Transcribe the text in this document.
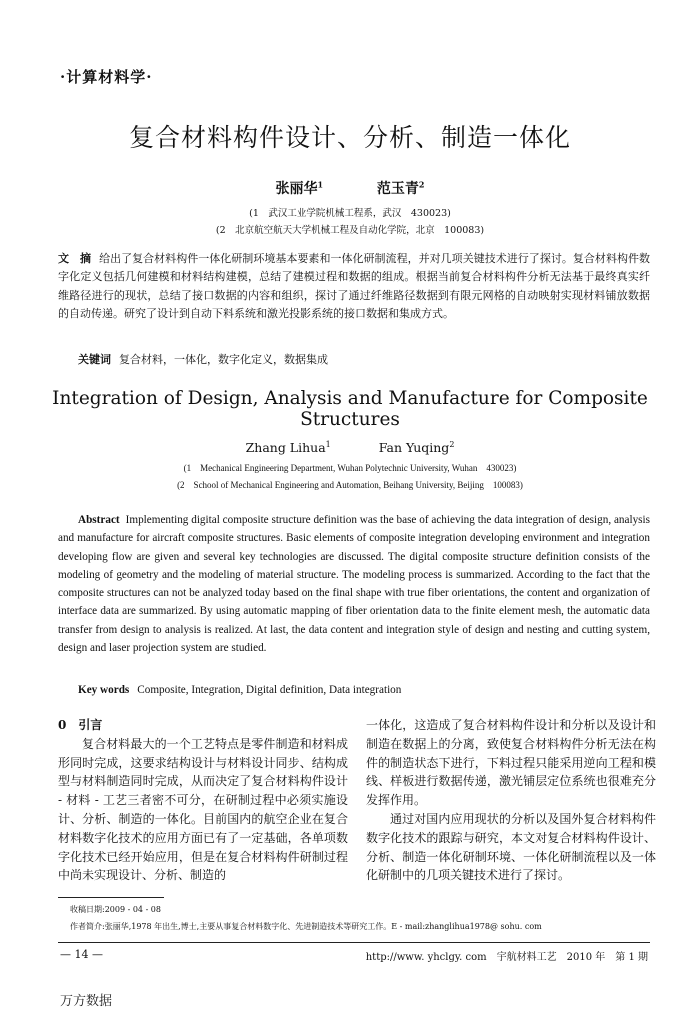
·计算材料学·
复合材料构件设计、分析、制造一体化
张丽华$^1$	范玉青$^2$
(1　武汉工业学院机械工程系，武汉　430023)
(2　北京航空航天大学机械工程及自动化学院，北京　100083)
文　摘 给出了复合材料构件一体化研制环境基本要素和一体化研制流程，并对几项关键技术进行了探讨。复合材料构件数字化定义包括几何建模和材料结构建模，总结了建模过程和数据的组成。根据当前复合材料构件分析无法基于最终真实纤维路径进行的现状，总结了接口数据的内容和组织，探讨了通过纤维路径数据到有限元网格的自动映射实现材料铺放数据的自动传递。研究了设计到自动下料系统和激光投影系统的接口数据和集成方式。
关键词 复合材料，一体化，数字化定义，数据集成
Integration of Design, Analysis and Manufacture for Composite Structures
Zhang Lihua$^1$	Fan Yuqing$^2$
(1　Mechanical Engineering Department, Wuhan Polytechnic University, Wuhan　430023)
(2　School of Mechanical Engineering and Automation, Beihang University, Beijing　100083)
Abstract Implementing digital composite structure definition was the base of achieving the data integration of design, analysis and manufacture for aircraft composite structures. Basic elements of composite integration developing environment and integration developing flow are given and several key technologies are discussed. The digital composite structure definition consists of the modeling of geometry and the modeling of material structure. The modeling process is summarized. According to the fact that the composite structures can not be analyzed today based on the final shape with true fiber orientations, the content and organization of interface data are summarized. By using automatic mapping of fiber orientation data to the finite element mesh, the automatic data transfer from design to analysis is realized. At last, the data content and integration style of design and nesting and cutting system, design and laser projection system are studied.
Key words Composite, Integration, Digital definition, Data integration
0　引言

复合材料最大的一个工艺特点是零件制造和材料成形同时完成，这要求结构设计与材料设计同步、结构成型与材料制造同时完成，从而决定了复合材料构件设计 - 材料 - 工艺三者密不可分，在研制过程中必须实施设计、分析、制造的一体化。目前国内的航空企业在复合材料数字化技术的应用方面已有了一定基础，各单项数字化技术已经开始应用，但是在复合材料构件研制过程中尚未实现设计、分析、制造的

一体化，这造成了复合材料构件设计和分析以及设计和制造在数据上的分离，致使复合材料构件分析无法在构件的制造状态下进行，下料过程只能采用逆向工程和模线、样板进行数据传递，激光铺层定位系统也很难充分发挥作用。

通过对国内应用现状的分析以及国外复合材料构件数字化技术的跟踪与研究，本文对复合材料构件设计、分析、制造一体化研制环境、一体化研制流程以及一体化研制中的几项关键技术进行了探讨。

收稿日期:2009 - 04 - 08
作者简介:张丽华,1978 年出生,博士,主要从事复合材料数字化、先进制造技术等研究工作。E - mail:zhanglihua1978@ sohu. com
— 14 —	http://www. yhclgy. com　宇航材料工艺　2010 年　第 1 期
万方数据
